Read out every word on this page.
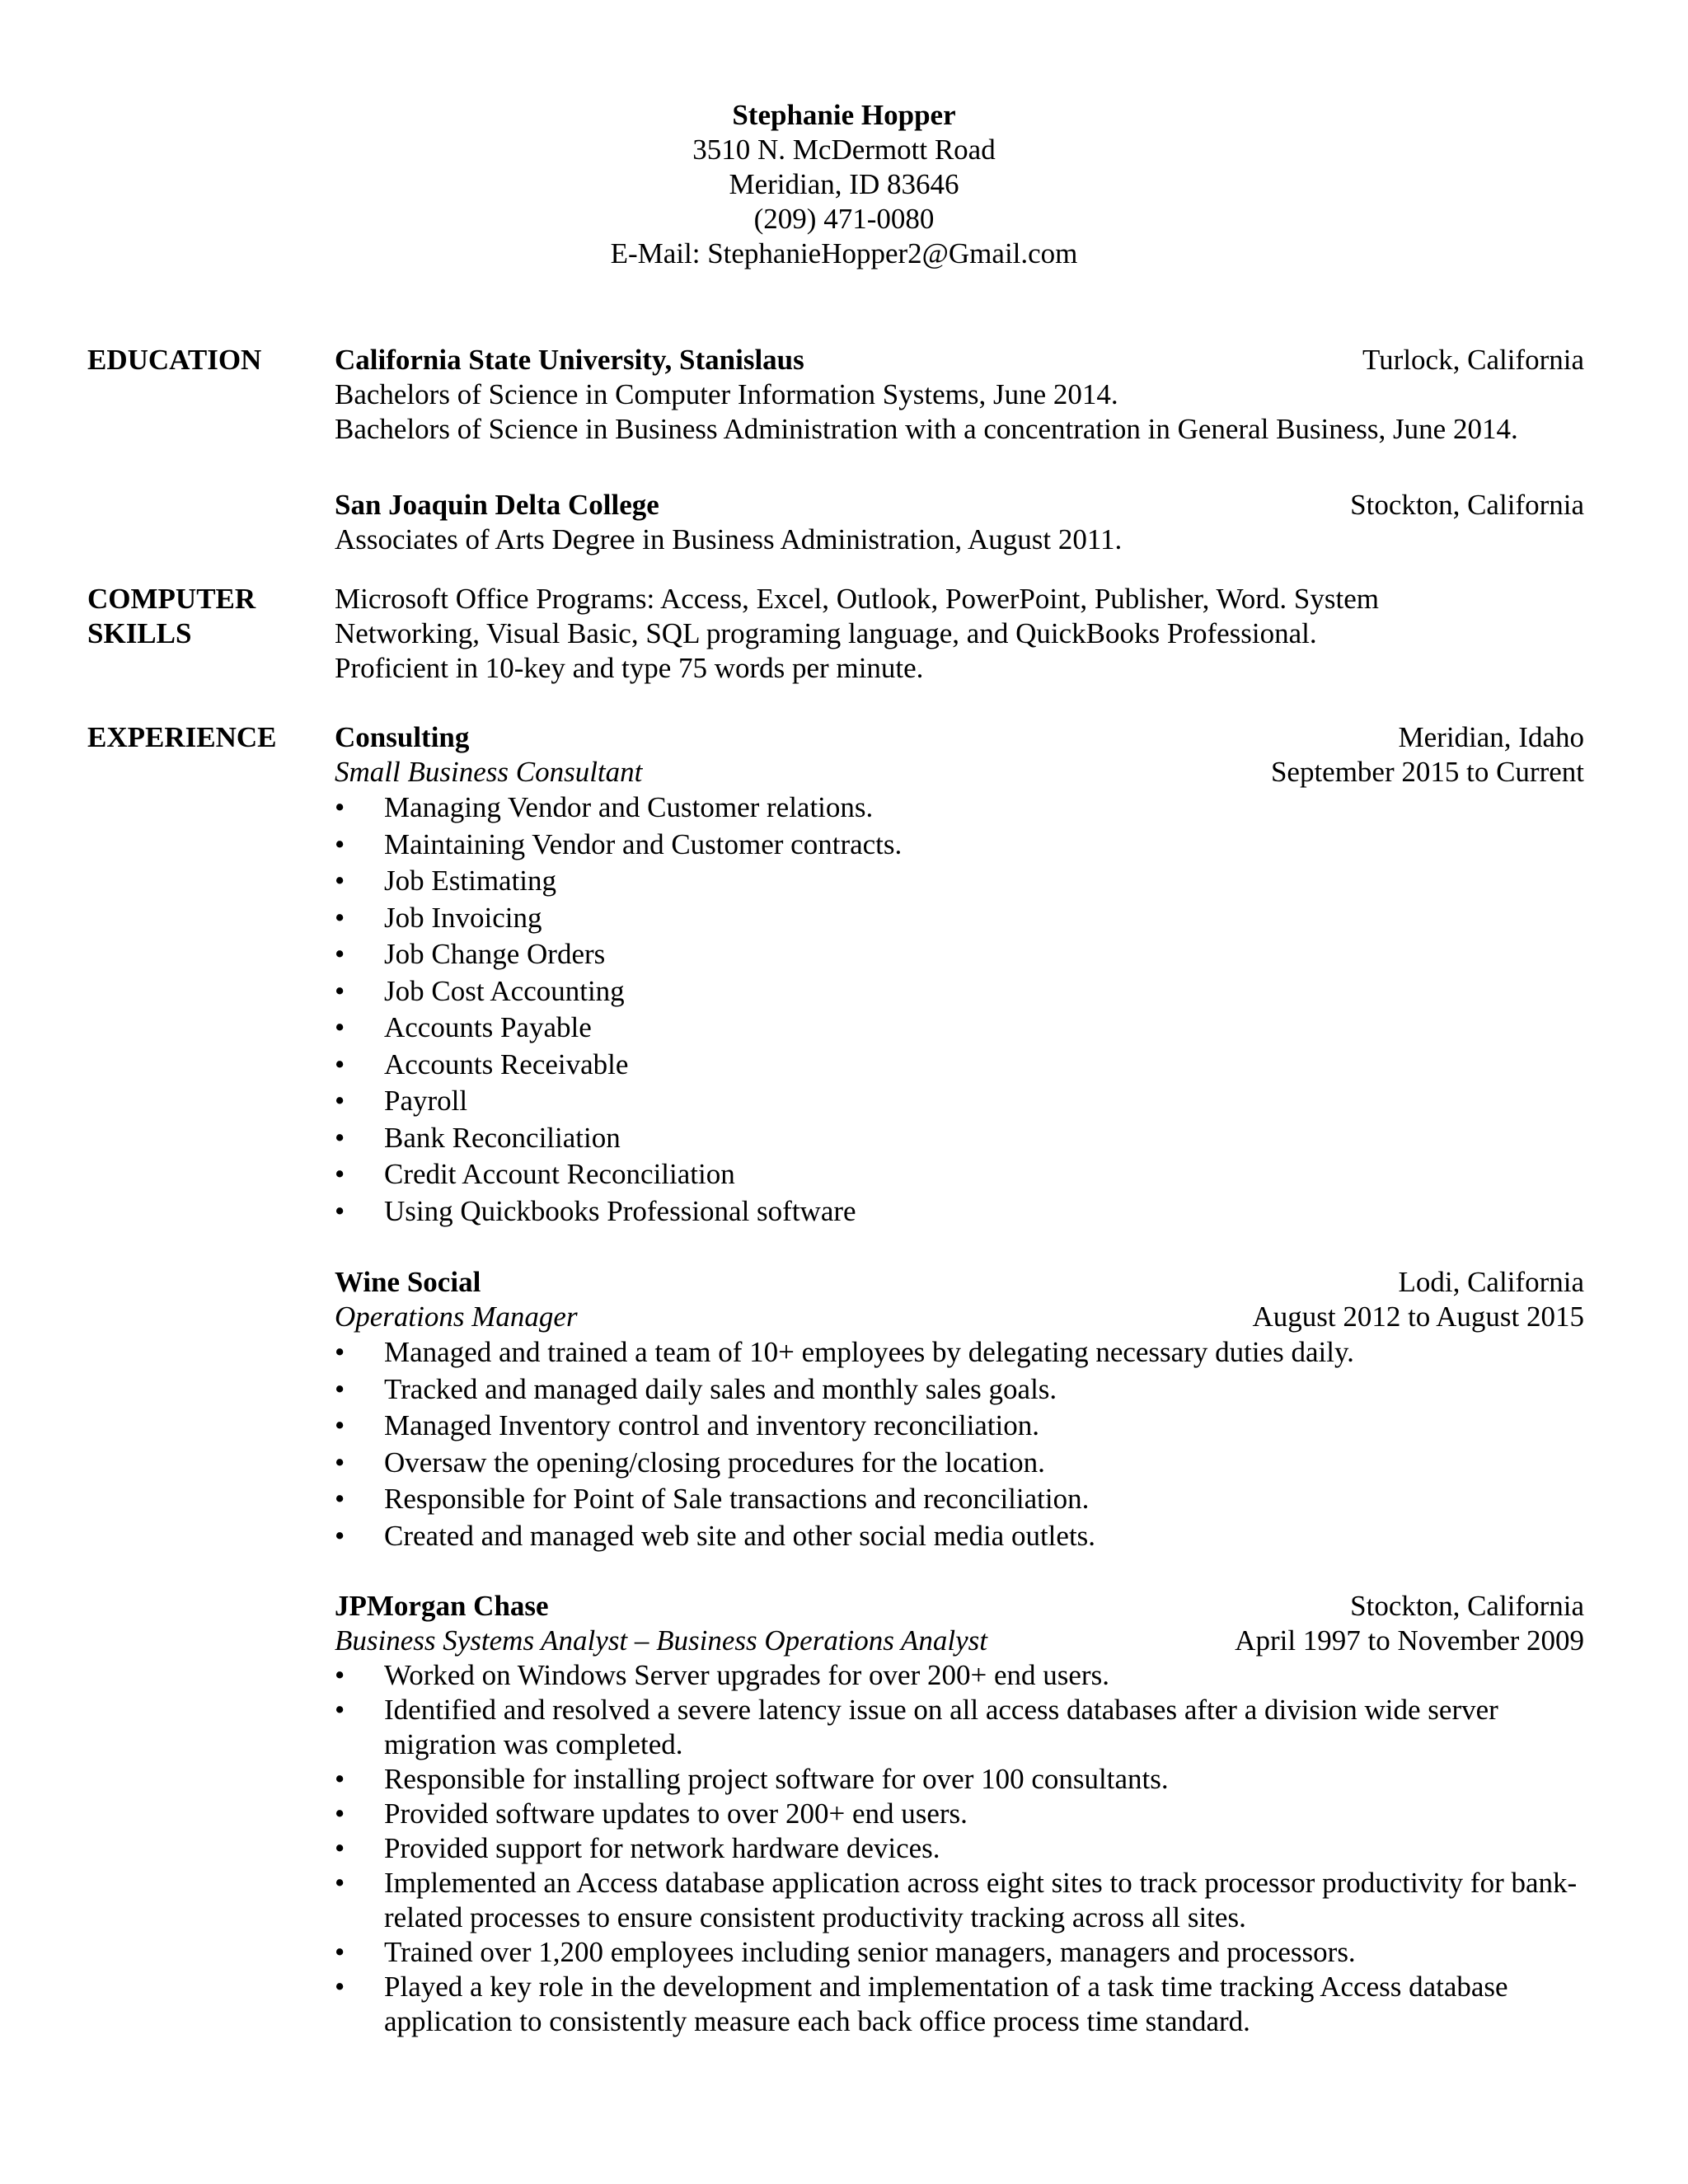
Stephanie Hopper
3510 N. McDermott Road
Meridian, ID 83646
(209) 471-0080
E-Mail: StephanieHopper2@Gmail.com
EDUCATION	California State University, Stanislaus	Turlock, California
Bachelors of Science in Computer Information Systems, June 2014.
Bachelors of Science in Business Administration with a concentration in General Business, June 2014.
San Joaquin Delta College	Stockton, California
Associates of Arts Degree in Business Administration, August 2011.
COMPUTER
SKILLS
Microsoft Office Programs: Access, Excel, Outlook, PowerPoint, Publisher, Word. System
Networking, Visual Basic, SQL programing language, and QuickBooks Professional.
Proficient in 10-key and type 75 words per minute.
EXPERIENCE Consulting	Meridian, Idaho
Small Business Consultant	September 2015 to Current
• Managing Vendor and Customer relations.
• Maintaining Vendor and Customer contracts.
• Job Estimating
• Job Invoicing
• Job Change Orders
• Job Cost Accounting
• Accounts Payable
• Accounts Receivable
• Payroll
• Bank Reconciliation
• Credit Account Reconciliation
• Using Quickbooks Professional software
Wine Social	Lodi, California
Operations Manager	August 2012 to August 2015
• Managed and trained a team of 10+ employees by delegating necessary duties daily.
• Tracked and managed daily sales and monthly sales goals.
• Managed Inventory control and inventory reconciliation.
• Oversaw the opening/closing procedures for the location.
• Responsible for Point of Sale transactions and reconciliation.
• Created and managed web site and other social media outlets.
JPMorgan Chase	Stockton, California
Business Systems Analyst – Business Operations Analyst	April 1997 to November 2009
• Worked on Windows Server upgrades for over 200+ end users.
• Identified and resolved a severe latency issue on all access databases after a division wide server migration was completed.
• Responsible for installing project software for over 100 consultants.
• Provided software updates to over 200+ end users.
• Provided support for network hardware devices.
• Implemented an Access database application across eight sites to track processor productivity for bank-related processes to ensure consistent productivity tracking across all sites.
• Trained over 1,200 employees including senior managers, managers and processors.
• Played a key role in the development and implementation of a task time tracking Access database application to consistently measure each back office process time standard.
